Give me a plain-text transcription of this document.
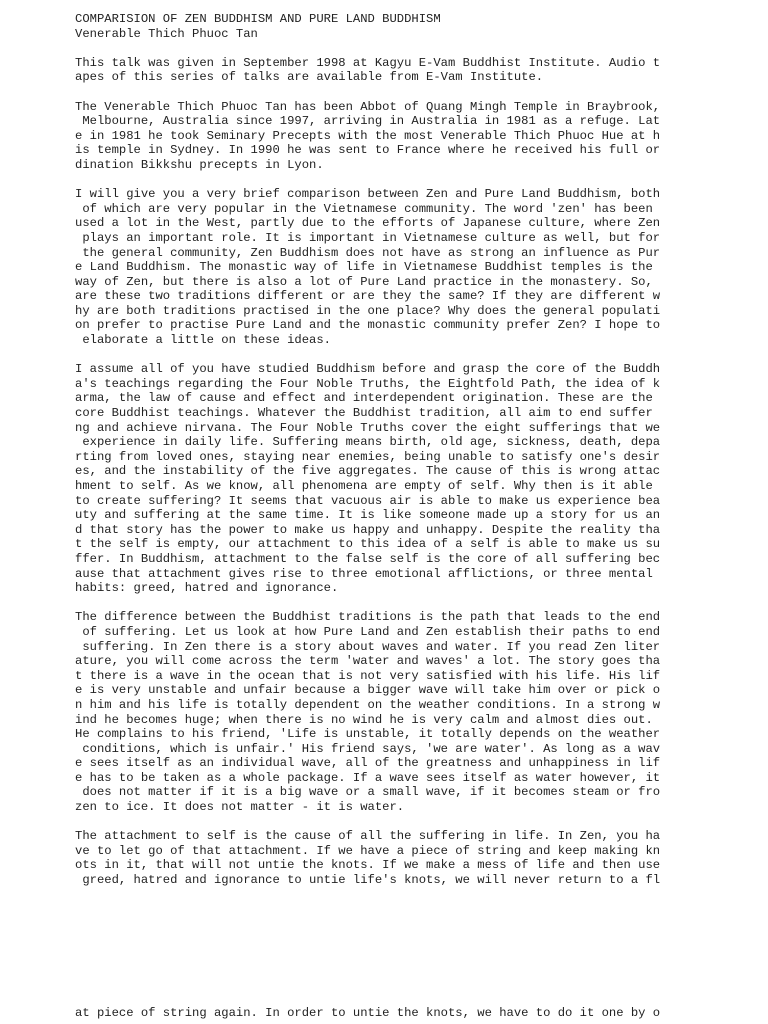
COMPARISION OF ZEN BUDDHISM AND PURE LAND BUDDHISM
Venerable Thich Phuoc Tan
This talk was given in September 1998 at Kagyu E-Vam Buddhist Institute. Audio t
apes of this series of talks are available from E-Vam Institute.
The Venerable Thich Phuoc Tan has been Abbot of Quang Mingh Temple in Braybrook,
Melbourne, Australia since 1997, arriving in Australia in 1981 as a refuge. Lat
e in 1981 he took Seminary Precepts with the most Venerable Thich Phuoc Hue at h
is temple in Sydney. In 1990 he was sent to France where he received his full or
dination Bikkshu precepts in Lyon.
I will give you a very brief comparison between Zen and Pure Land Buddhism, both
of which are very popular in the Vietnamese community. The word 'zen' has been
used a lot in the West, partly due to the efforts of Japanese culture, where Zen
plays an important role. It is important in Vietnamese culture as well, but for
the general community, Zen Buddhism does not have as strong an influence as Pur
e Land Buddhism. The monastic way of life in Vietnamese Buddhist temples is the
way of Zen, but there is also a lot of Pure Land practice in the monastery. So,
are these two traditions different or are they the same? If they are different w
hy are both traditions practised in the one place? Why does the general populati
on prefer to practise Pure Land and the monastic community prefer Zen? I hope to
elaborate a little on these ideas.
I assume all of you have studied Buddhism before and grasp the core of the Buddh
a's teachings regarding the Four Noble Truths, the Eightfold Path, the idea of k
arma, the law of cause and effect and interdependent origination. These are the
core Buddhist teachings. Whatever the Buddhist tradition, all aim to end suffer
ng and achieve nirvana. The Four Noble Truths cover the eight sufferings that we
experience in daily life. Suffering means birth, old age, sickness, death, depa
rting from loved ones, staying near enemies, being unable to satisfy one's desir
es, and the instability of the five aggregates. The cause of this is wrong attac
hment to self. As we know, all phenomena are empty of self. Why then is it able
to create suffering? It seems that vacuous air is able to make us experience bea
uty and suffering at the same time. It is like someone made up a story for us an
d that story has the power to make us happy and unhappy. Despite the reality tha
t the self is empty, our attachment to this idea of a self is able to make us su
ffer. In Buddhism, attachment to the false self is the core of all suffering bec
ause that attachment gives rise to three emotional afflictions, or three mental
habits: greed, hatred and ignorance.
The difference between the Buddhist traditions is the path that leads to the end
of suffering. Let us look at how Pure Land and Zen establish their paths to end
suffering. In Zen there is a story about waves and water. If you read Zen liter
ature, you will come across the term 'water and waves' a lot. The story goes tha
t there is a wave in the ocean that is not very satisfied with his life. His lif
e is very unstable and unfair because a bigger wave will take him over or pick o
n him and his life is totally dependent on the weather conditions. In a strong w
ind he becomes huge; when there is no wind he is very calm and almost dies out.
He complains to his friend, 'Life is unstable, it totally depends on the weather
conditions, which is unfair.' His friend says, 'we are water'. As long as a wav
e sees itself as an individual wave, all of the greatness and unhappiness in lif
e has to be taken as a whole package. If a wave sees itself as water however, it
does not matter if it is a big wave or a small wave, if it becomes steam or fro
zen to ice. It does not matter - it is water.
The attachment to self is the cause of all the suffering in life. In Zen, you ha
ve to let go of that attachment. If we have a piece of string and keep making kn
ots in it, that will not untie the knots. If we make a mess of life and then use
greed, hatred and ignorance to untie life's knots, we will never return to a fl
at piece of string again. In order to untie the knots, we have to do it one by o
